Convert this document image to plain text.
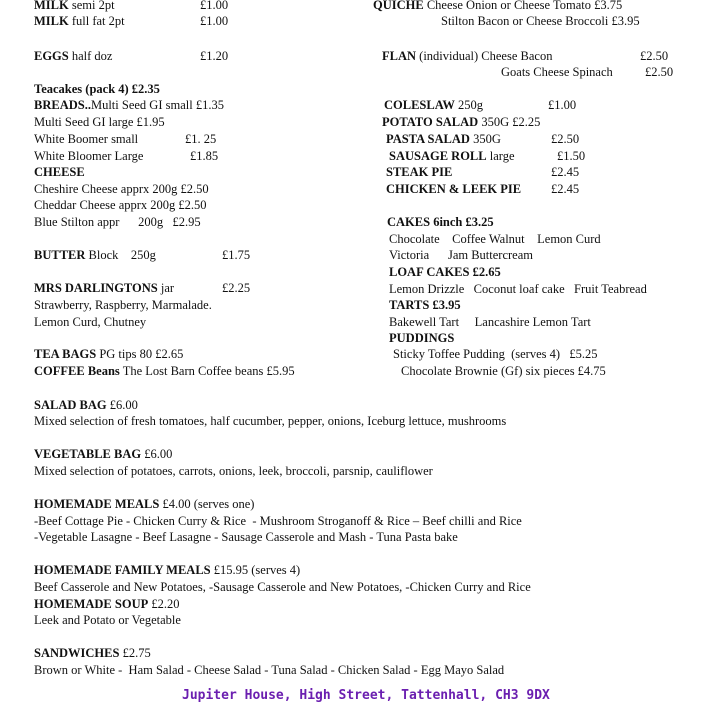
MILK semi 2pt	£1.00
MILK full fat 2pt	£1.00
EGGS half doz	£1.20
Teacakes (pack 4) £2.35
BREADS..Multi Seed GI small £1.35
Multi Seed GI large £1.95
White Boomer small	£1. 25
White Bloomer Large	£1.85
CHEESE
Cheshire Cheese apprx 200g £2.50
Cheddar Cheese apprx 200g £2.50
Blue Stilton appr      200g £2.95
BUTTER Block    250g	£1.75
MRS DARLINGTONS jar	£2.25
Strawberry, Raspberry, Marmalade.
Lemon Curd, Chutney
TEA BAGS PG tips 80 £2.65
COFFEE Beans The Lost Barn Coffee beans £5.95
QUICHE Cheese Onion or Cheese Tomato £3.75
Stilton Bacon or Cheese Broccoli £3.95
FLAN (individual) Cheese Bacon	£2.50
Goats Cheese Spinach	£2.50
COLESLAW 250g	£1.00
POTATO SALAD 350G £2.25
PASTA SALAD 350G	£2.50
SAUSAGE ROLL large	£1.50
STEAK PIE	£2.45
CHICKEN & LEEK PIE £2.45
CAKES 6inch £3.25
Chocolate    Coffee Walnut    Lemon Curd
Victoria      Jam Buttercream
LOAF CAKES £2.65
Lemon Drizzle   Coconut loaf cake   Fruit Teabread
TARTS £3.95
Bakewell Tart     Lancashire Lemon Tart
PUDDINGS
Sticky Toffee Pudding  (serves 4)   £5.25
Chocolate Brownie (Gf) six pieces £4.75
SALAD BAG £6.00
Mixed selection of fresh tomatoes, half cucumber, pepper, onions, Iceburg lettuce, mushrooms
VEGETABLE BAG £6.00
Mixed selection of potatoes, carrots, onions, leek, broccoli, parsnip, cauliflower
HOMEMADE MEALS £4.00 (serves one)
-Beef Cottage Pie - Chicken Curry & Rice  - Mushroom Stroganoff & Rice – Beef chilli and Rice
-Vegetable Lasagne - Beef Lasagne - Sausage Casserole and Mash - Tuna Pasta bake
HOMEMADE FAMILY MEALS £15.95 (serves 4)
Beef Casserole and New Potatoes, -Sausage Casserole and New Potatoes, -Chicken Curry and Rice
HOMEMADE SOUP £2.20
Leek and Potato or Vegetable
SANDWICHES £2.75
Brown or White -  Ham Salad - Cheese Salad - Tuna Salad - Chicken Salad - Egg Mayo Salad
Jupiter House, High Street, Tattenhall, CH3 9DX
